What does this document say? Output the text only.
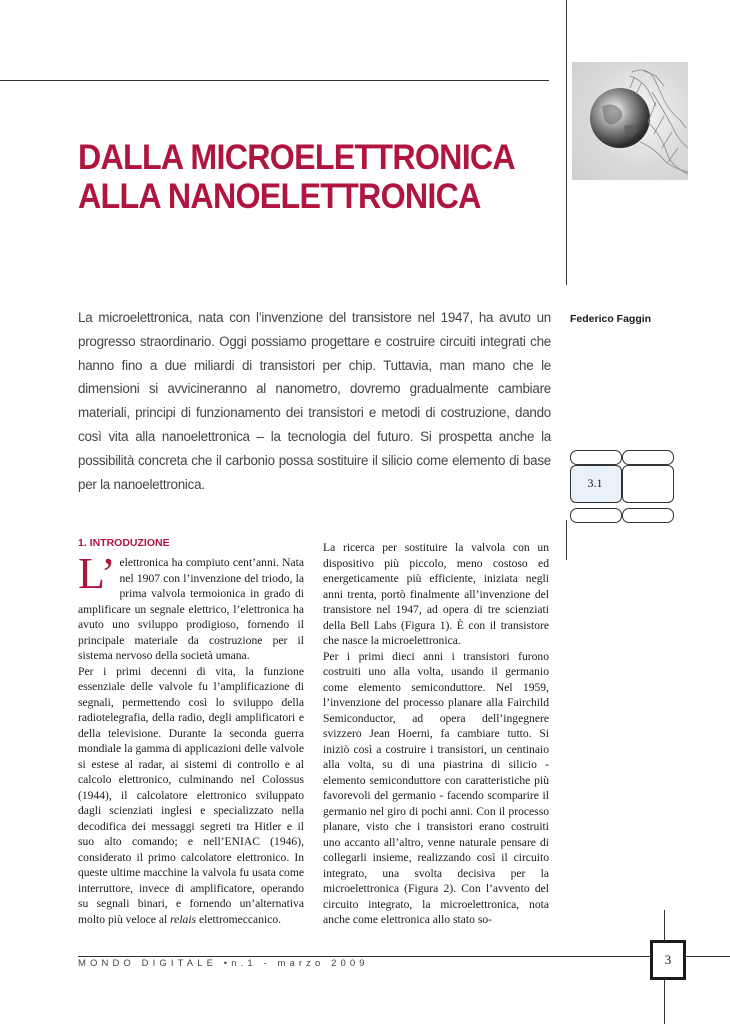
DALLA MICROELETTRONICA
ALLA NANOELETTRONICA
Federico Faggin
La microelettronica, nata con l’invenzione del transistore nel 1947, ha avuto un progresso straordinario. Oggi possiamo progettare e costruire circuiti integrati che hanno fino a due miliardi di transistori per chip. Tuttavia, man mano che le dimensioni si avvicineranno al nanometro, dovremo gradualmente cambiare materiali, principi di funzionamento dei transistori e metodi di costruzione, dando così vita alla nanoelettronica – la tecnologia del futuro. Si prospetta anche la possibilità concreta che il carbonio possa sostituire il silicio come elemento di base per la nanoelettronica.	3.1
1. INTRODUZIONE

L’ elettronica ha compiuto cent’anni. Nata nel 1907 con l’invenzione del triodo, la prima valvola termoionica in grado di amplificare un segnale elettrico, l’elettronica ha avuto uno sviluppo prodigioso, fornendo il principale materiale da costruzione per il sistema nervoso della società umana.

Per i primi decenni di vita, la funzione essenziale delle valvole fu l’amplificazione di segnali, permettendo così lo sviluppo della radiotelegrafia, della radio, degli amplificatori e della televisione. Durante la seconda guerra mondiale la gamma di applicazioni delle valvole si estese al radar, ai sistemi di controllo e al calcolo elettronico, culminando nel Colossus (1944), il calcolatore elettronico sviluppato dagli scienziati inglesi e specializzato nella decodifica dei messaggi segreti tra Hitler e il suo alto comando; e nell’ENIAC (1946), considerato il primo calcolatore elettronico. In queste ultime macchine la valvola fu usata come interruttore, invece di amplificatore, operando su segnali binari, e fornendo un’alternativa molto più veloce al relais elettromeccanico.

La ricerca per sostituire la valvola con un dispositivo più piccolo, meno costoso ed energeticamente più efficiente, iniziata negli anni trenta, portò finalmente all’invenzione del transistore nel 1947, ad opera di tre scienziati della Bell Labs (Figura 1). È con il transistore che nasce la microelettronica.

Per i primi dieci anni i transistori furono costruiti uno alla volta, usando il germanio come elemento semiconduttore. Nel 1959, l’invenzione del processo planare alla Fairchild Semiconductor, ad opera dell’ingegnere svizzero Jean Hoerni, fa cambiare tutto. Si iniziò così a costruire i transistori, un centinaio alla volta, su di una piastrina di silicio - elemento semiconduttore con caratteristiche più favorevoli del germanio - facendo scomparire il germanio nel giro di pochi anni. Con il processo planare, visto che i transistori erano costruiti uno accanto all’altro, venne naturale pensare di collegarli insieme, realizzando così il circuito integrato, una svolta decisiva per la microelettronica (Figura 2). Con l’avvento del circuito integrato, la microelettronica, nota anche come elettronica allo stato so-

MONDO DIGITALE •n.1 - marzo 2009	3
